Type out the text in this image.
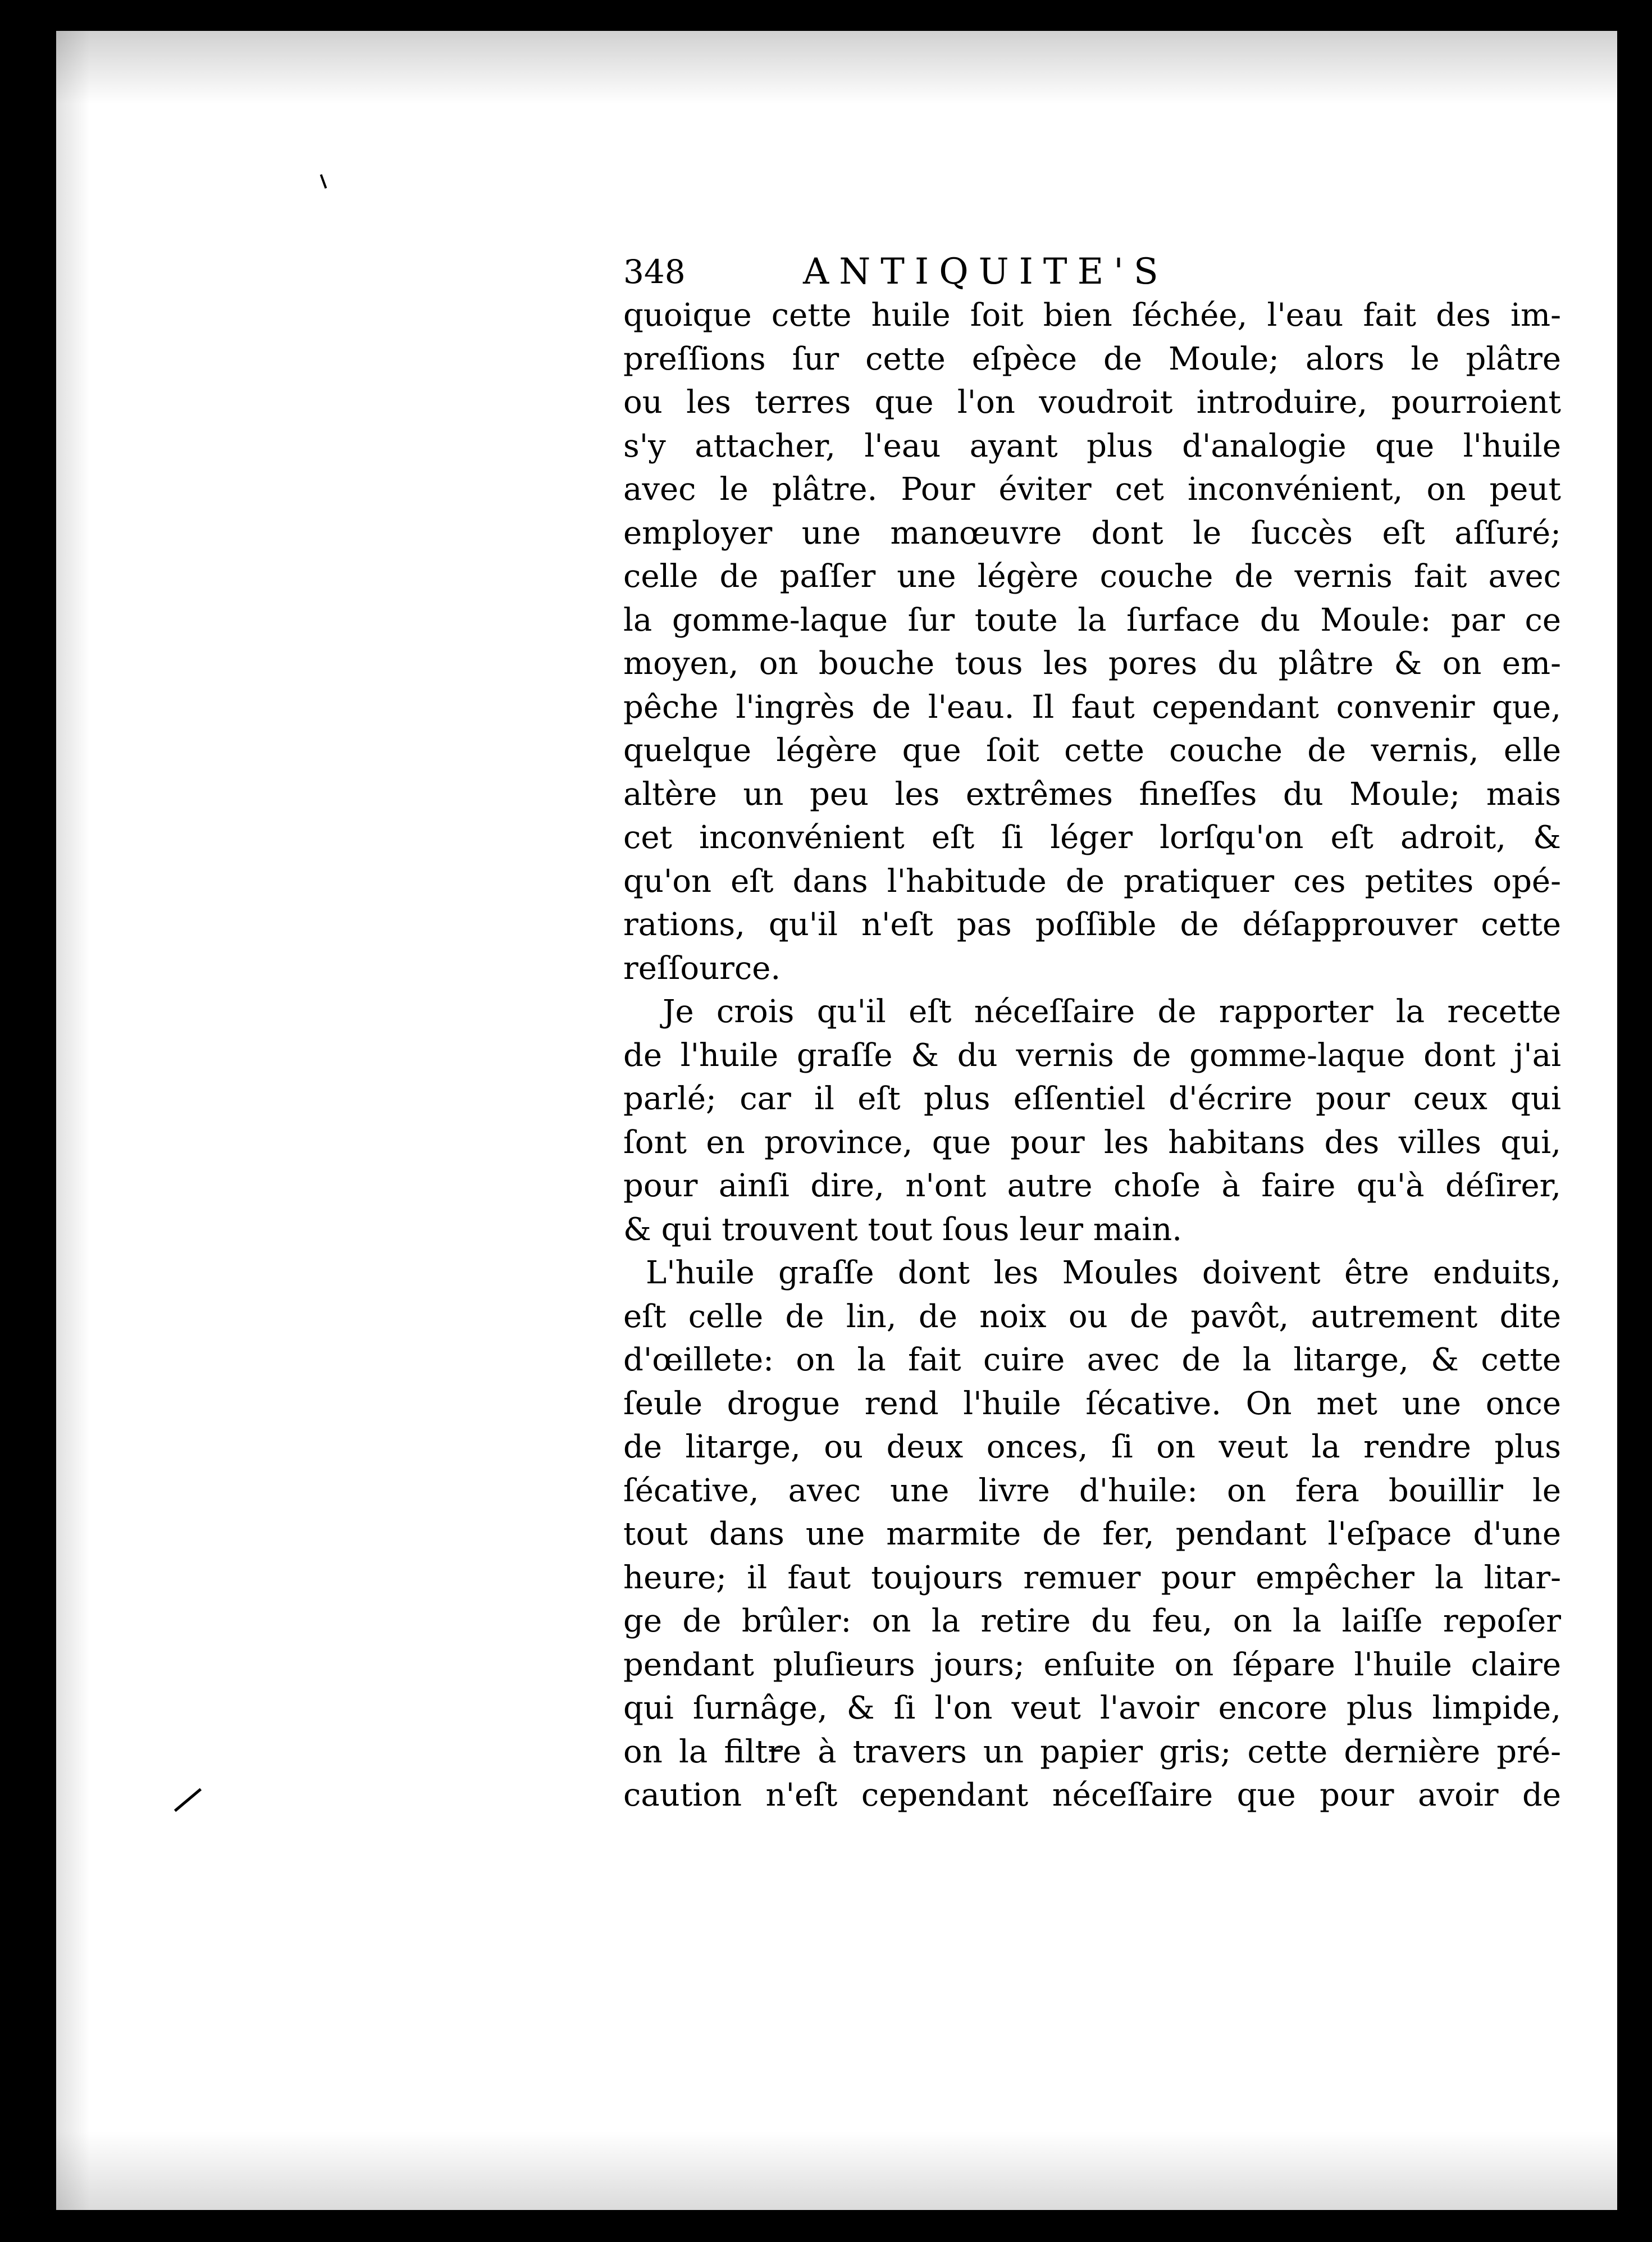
348	ANTIQUITE'S
quoique cette huile ſoit bien ſéchée, l'eau fait des im-
preſſions ſur cette eſpèce de Moule; alors le plâtre
ou les terres que l'on voudroit introduire, pourroient
s'y attacher, l'eau ayant plus d'analogie que l'huile
avec le plâtre. Pour éviter cet inconvénient, on peut
employer une manœuvre dont le ſuccès eſt aſſuré;
celle de paſſer une légère couche de vernis fait avec
la gomme-laque ſur toute la ſurface du Moule: par ce
moyen, on bouche tous les pores du plâtre & on em-
pêche l'ingrès de l'eau. Il faut cependant convenir que,
quelque légère que ſoit cette couche de vernis, elle
altère un peu les extrêmes fineſſes du Moule; mais
cet inconvénient eſt ſi léger lorſqu'on eſt adroit, &
qu'on eſt dans l'habitude de pratiquer ces petites opé-
rations, qu'il n'eſt pas poſſible de déſapprouver cette
reſſource.
Je crois qu'il eſt néceſſaire de rapporter la recette
de l'huile graſſe & du vernis de gomme-laque dont j'ai
parlé; car il eſt plus eſſentiel d'écrire pour ceux qui
ſont en province, que pour les habitans des villes qui,
pour ainſi dire, n'ont autre choſe à faire qu'à déſirer,
& qui trouvent tout ſous leur main.
L'huile graſſe dont les Moules doivent être enduits,
eſt celle de lin, de noix ou de pavôt, autrement dite
d'œillete: on la fait cuire avec de la litarge, & cette
ſeule drogue rend l'huile ſécative. On met une once
de litarge, ou deux onces, ſi on veut la rendre plus
ſécative, avec une livre d'huile: on fera bouillir le
tout dans une marmite de fer, pendant l'eſpace d'une
heure; il faut toujours remuer pour empêcher la litar-
ge de brûler: on la retire du feu, on la laiſſe repoſer
pendant pluſieurs jours; enſuite on ſépare l'huile claire
qui ſurnâge, & ſi l'on veut l'avoir encore plus limpide,
on la filtre à travers un papier gris; cette dernière pré-
caution n'eſt cependant néceſſaire que pour avoir de
